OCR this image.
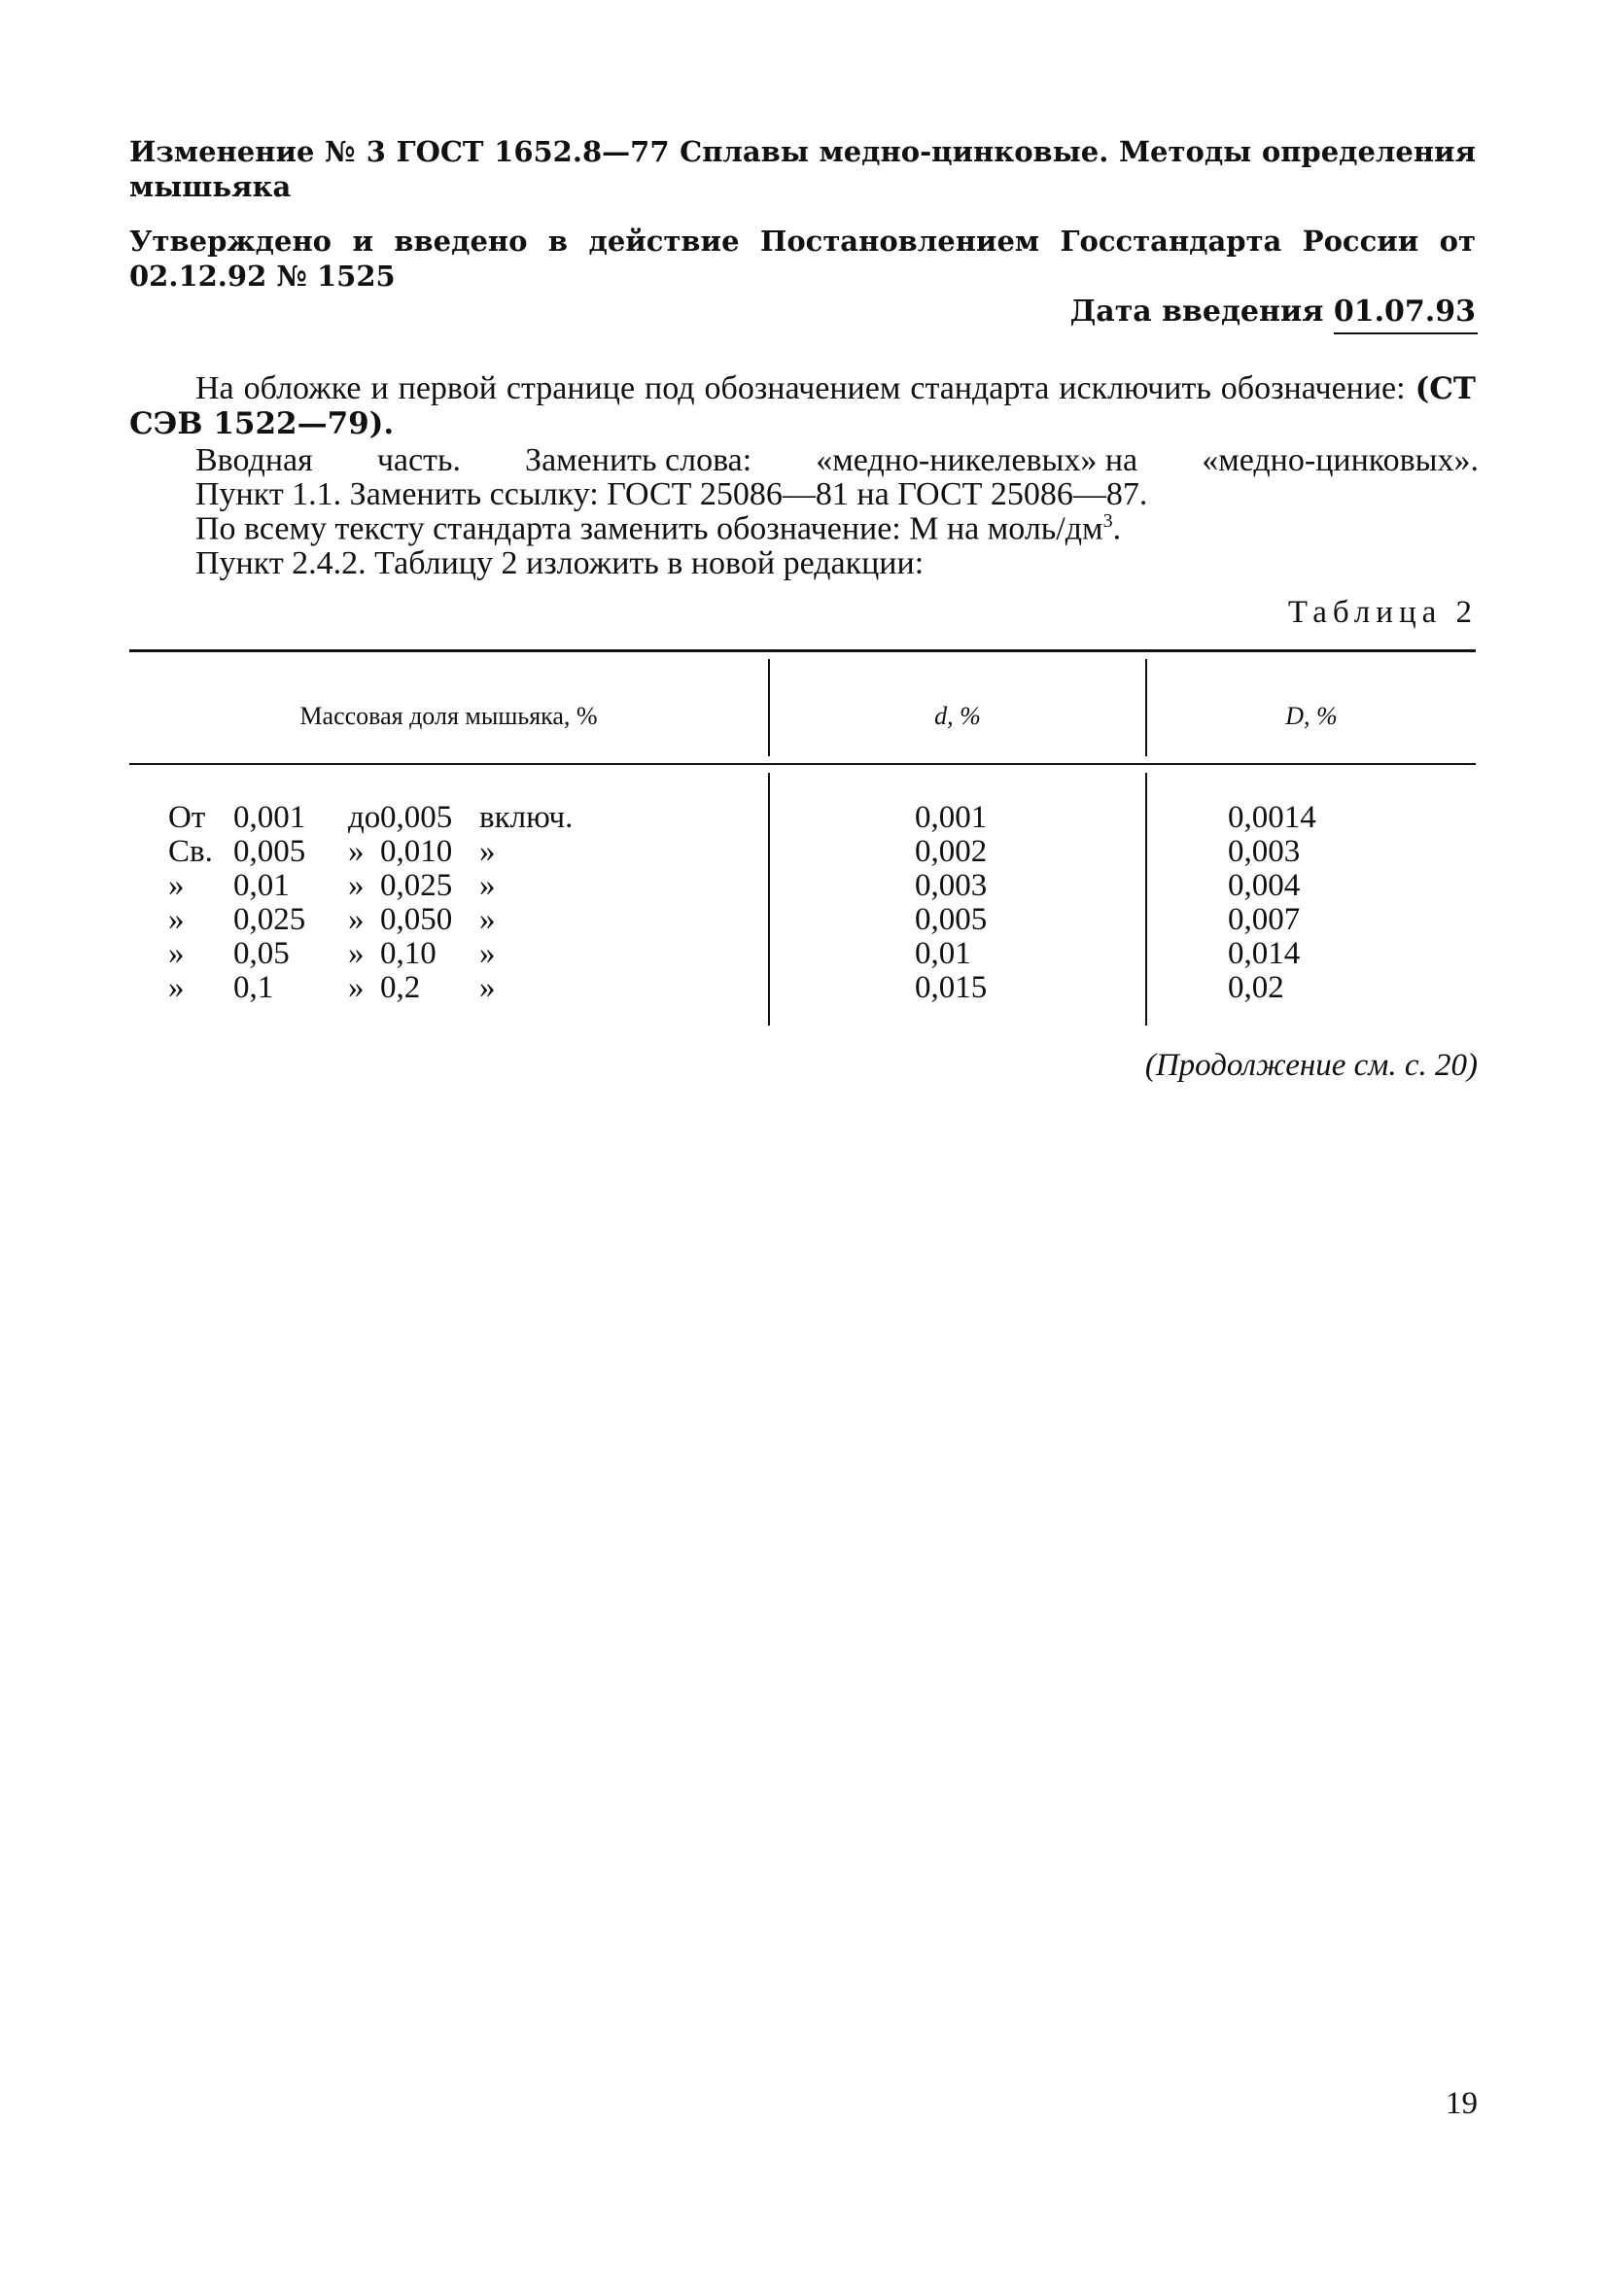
Изменение № 3 ГОСТ 1652.8—77 Сплавы медно-цинковые. Методы определения мышьяка
Утверждено и введено в действие Постановлением Госстандарта России от 02.12.92 № 1525
Дата введения 01.07.93
На обложке и первой странице под обозначением стандарта исключить обозначение: (СТ СЭВ 1522—79).
Вводная часть. Заменить слова: «медно-никелевых» на «медно-цинковых».
Пункт 1.1. Заменить ссылку: ГОСТ 25086—81 на ГОСТ 25086—87.
По всему тексту стандарта заменить обозначение: М на моль/$дм^3$.
Пункт 2.4.2. Таблицу 2 изложить в новой редакции:
Таблица 2
Массовая доля мышьяка, %	d, %	D, %
От 0,001 до 0,005 включ.	0,001	0,0014
Св. 0,005 » 0,010 »	0,002	0,003
» 0,01 » 0,025 »	0,003	0,004
» 0,025 » 0,050 »	0,005	0,007
» 0,05 » 0,10 »	0,01	0,014
» 0,1 » 0,2 »	0,015	0,02
(Продолжение см. с. 20)
19
